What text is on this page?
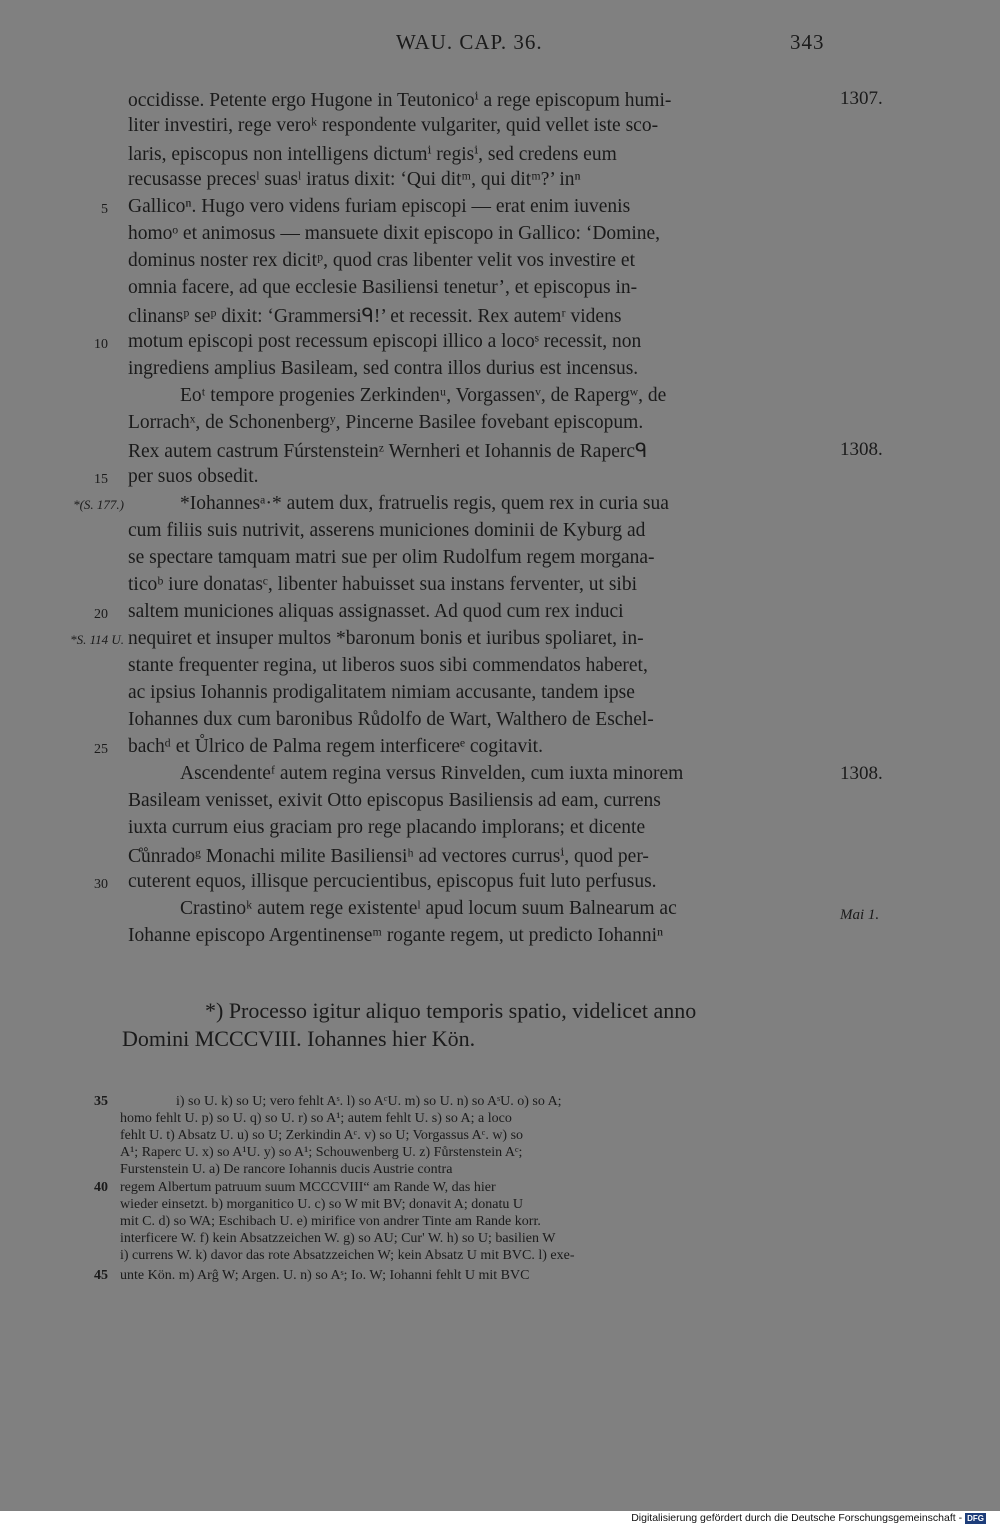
WAU. CAP. 36.	343
occidisse. Petente ergo Hugone in Teutonicoⁱ a rege episcopum humi-
liter investiri, rege veroᵏ respondente vulgariter, quid vellet iste sco-
laris, episcopus non intelligens dictumⁱ regisⁱ, sed credens eum
recusasse precesˡ suasˡ iratus dixit: ‘Qui ditᵐ, qui ditᵐ?’ inⁿ
Gallicoⁿ. Hugo vero videns furiam episcopi — erat enim iuvenis
homoᵒ et animosus — mansuete dixit episcopo in Gallico: ‘Domine,
dominus noster rex dicitᵖ, quod cras libenter velit vos investire et
omnia facere, ad que ecclesie Basiliensi tenetur’, et episcopus in-
clinansᵖ seᵖ dixit: ‘Grammersiᑫ!’ et recessit. Rex autemʳ videns
motum episcopi post recessum episcopi illico a locoˢ recessit, non
ingrediens amplius Basileam, sed contra illos durius est incensus.
Eoᵗ tempore progenies Zerkindenᵘ, Vorgassenᵛ, de Rapergʷ, de
Lorrachˣ, de Schonenbergʸ, Pincerne Basilee fovebant episcopum.
Rex autem castrum Fúrstensteinᶻ Wernheri et Iohannis de Rapercᑫ
per suos obsedit.
*Iohannesᵃ·* autem dux, fratruelis regis, quem rex in curia sua
cum filiis suis nutrivit, asserens municiones dominii de Kyburg ad
se spectare tamquam matri sue per olim Rudolfum regem morgana-
ticoᵇ iure donatasᶜ, libenter habuisset sua instans ferventer, ut sibi
saltem municiones aliquas assignasset. Ad quod cum rex induci
nequiret et insuper multos *baronum bonis et iuribus spoliaret, in-
stante frequenter regina, ut liberos suos sibi commendatos haberet,
ac ipsius Iohannis prodigalitatem nimiam accusante, tandem ipse
Iohannes dux cum baronibus Růdolfo de Wart, Walthero de Eschel-
bachᵈ et Ůlrico de Palma regem interficereᵉ cogitavit.
Ascendenteᶠ autem regina versus Rinvelden, cum iuxta minorem
Basileam venisset, exivit Otto episcopus Basiliensis ad eam, currens
iuxta currum eius graciam pro rege placando implorans; et dicente
C̊ůnradoᵍ Monachi milite Basiliensiʰ ad vectores currusⁱ, quod per-
cuterent equos, illisque percucientibus, episcopus fuit luto perfusus.
Crastinoᵏ autem rege existenteˡ apud locum suum Balnearum ac
Iohanne episcopo Argentinenseᵐ rogante regem, ut predicto Iohanniⁿ
5
10
15
20
25
30
1307.
1308.
1308.
Mai 1.
*(S. 177.)
*S. 114 U.
*) Processo igitur aliquo temporis spatio, videlicet anno
Domini MCCCVIII. Iohannes hier Kön.
35
40
45
i) so U. k) so U; vero fehlt Aˢ. l) so AᶜU. m) so U. n) so AˢU. o) so A;
homo fehlt U. p) so U. q) so U. r) so A¹; autem fehlt U. s) so A; a loco
fehlt U. t) Absatz U. u) so U; Zerkindin Aᶜ. v) so U; Vorgassus Aᶜ. w) so
A¹; Raperc U. x) so A¹U. y) so A¹; Schouwenberg U. z) Fůrstenstein Aᶜ;
Furstenstein U. a) De rancore Iohannis ducis Austrie contra
regem Albertum patruum suum MCCCVIII“ am Rande W, das hier
wieder einsetzt. b) morganitico U. c) so W mit BV; donavit A; donatu U
mit C. d) so WA; Eschibach U. e) mirifice von andrer Tinte am Rande korr.
interficere W. f) kein Absatzzeichen W. g) so AU; Cur' W. h) so U; basilien W
i) currens W. k) davor das rote Absatzzeichen W; kein Absatz U mit BVC. l) exe-
unte Kön. m) Arĝ W; Argen. U. n) so Aˢ; Io. W; Iohanni fehlt U mit BVC
Digitalisierung gefördert durch die Deutsche Forschungsgemeinschaft - DFG
